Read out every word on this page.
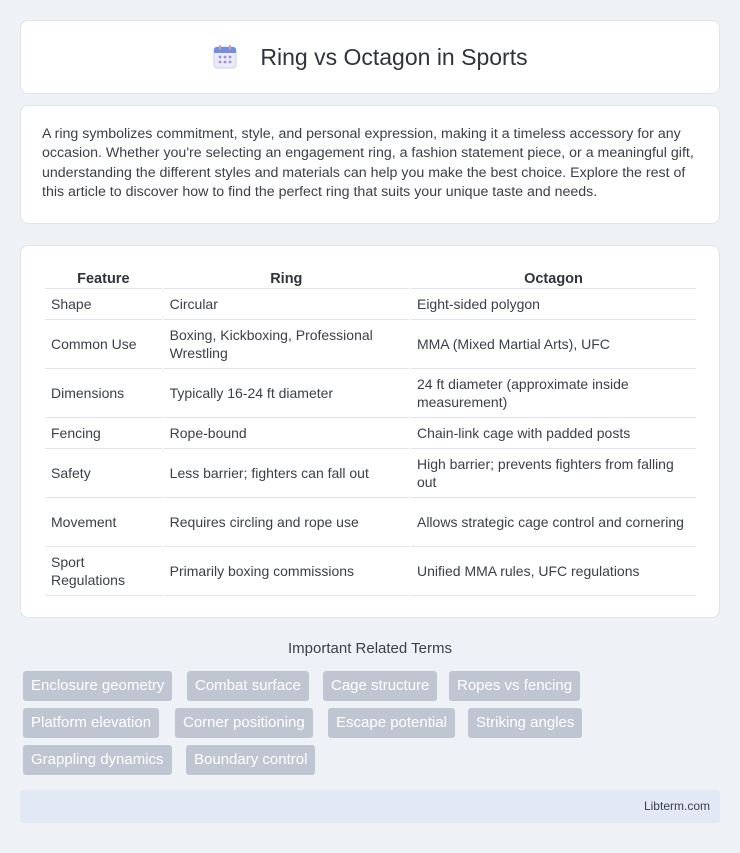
Ring vs Octagon in Sports

A ring symbolizes commitment, style, and personal expression, making it a timeless accessory for any occasion. Whether you're selecting an engagement ring, a fashion statement piece, or a meaningful gift, understanding the different styles and materials can help you make the best choice. Explore the rest of this article to discover how to find the perfect ring that suits your unique taste and needs.

Feature	Ring	Octagon
Shape	Circular	Eight-sided polygon
Common Use	Boxing, Kickboxing, Professional Wrestling	MMA (Mixed Martial Arts), UFC
Dimensions	Typically 16-24 ft diameter	24 ft diameter (approximate inside measurement)
Fencing	Rope-bound	Chain-link cage with padded posts
Safety	Less barrier; fighters can fall out	High barrier; prevents fighters from falling out
Movement	Requires circling and rope use	Allows strategic cage control and cornering
Sport Regulations	Primarily boxing commissions	Unified MMA rules, UFC regulations
Important Related Terms
Enclosure geometry	Combat surface	Cage structure	Ropes vs fencing
Platform elevation	Corner positioning	Escape potential	Striking angles
Grappling dynamics	Boundary control
Libterm.com
